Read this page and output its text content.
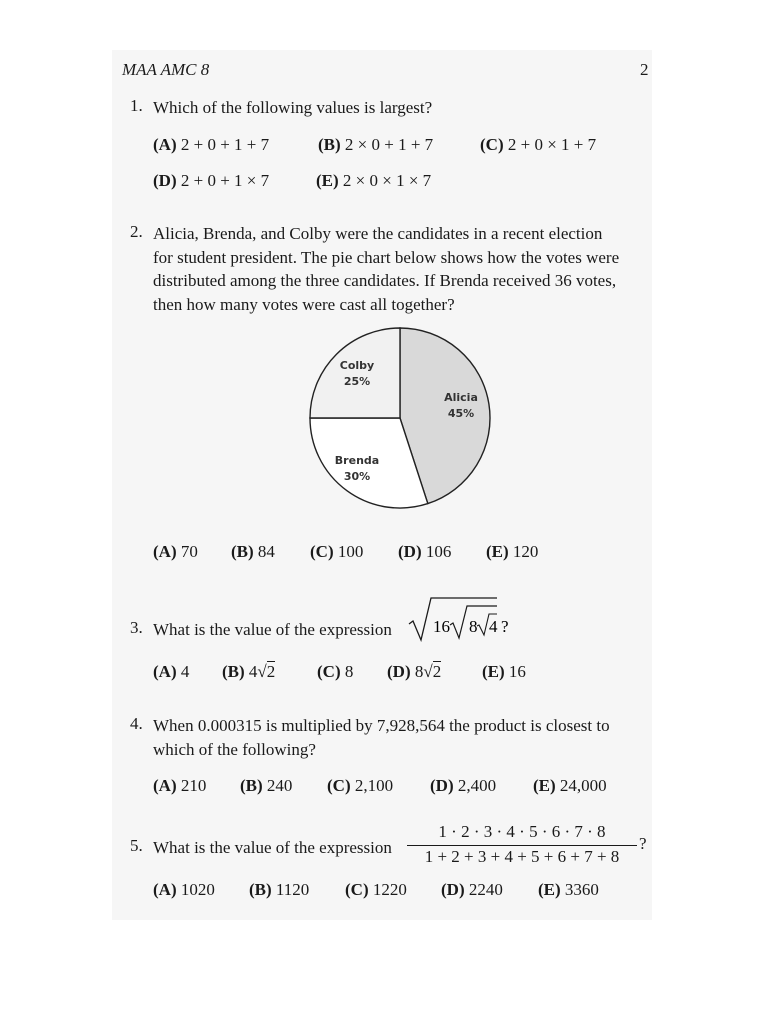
MAA AMC 8	2
1. Which of the following values is largest?
(A) 2 + 0 + 1 + 7	(B) 2 × 0 + 1 + 7	(C) 2 + 0 × 1 + 7
(D) 2 + 0 + 1 × 7	(E) 2 × 0 × 1 × 7
2. Alicia, Brenda, and Colby were the candidates in a recent election
for student president. The pie chart below shows how the votes were
distributed among the three candidates. If Brenda received 36 votes,
then how many votes were cast all together?
Colby
25%
Alicia
45%
Brenda
30%
(A) 70 (B) 84 (C) 100 (D) 106 (E) 120
3. What is the value of the expression	16 8 4 ?
(A) 4 (B) 4√2 (C) 8 (D) 8√2 (E) 16
4. When 0.000315 is multiplied by 7,928,564 the product is closest to
which of the following?
(A) 210 (B) 240 (C) 2,100 (D) 2,400 (E) 24,000
5. What is the value of the expression
1 · 2 · 3 · 4 · 5 · 6 · 7 · 8
1 + 2 + 3 + 4 + 5 + 6 + 7 + 8
?
(A) 1020 (B) 1120 (C) 1220 (D) 2240 (E) 3360
